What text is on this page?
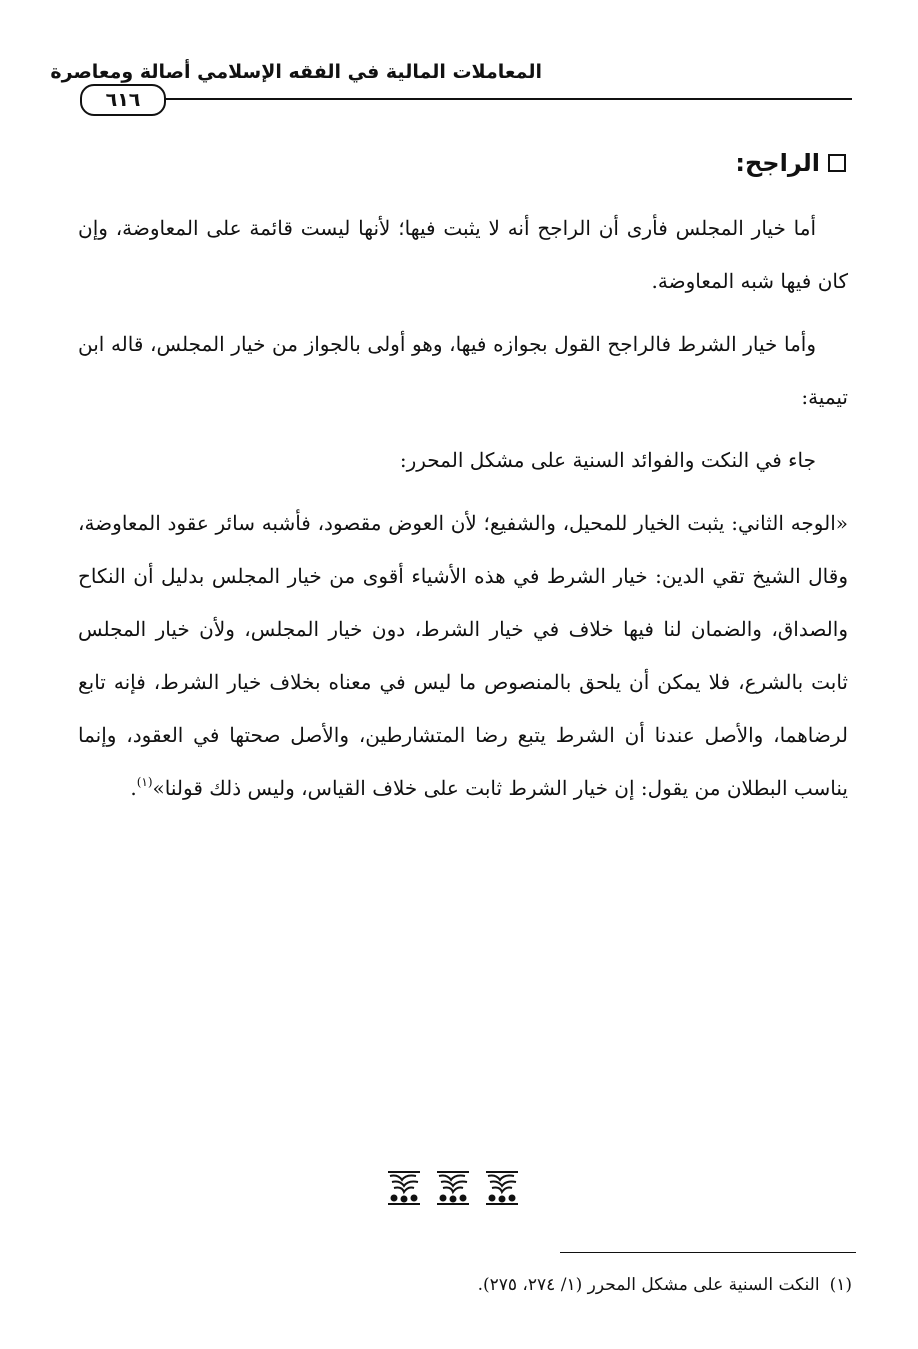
المعاملات المالية في الفقه الإسلامي أصالة ومعاصرة
٦١٦
الراجح:

أما خيار المجلس فأرى أن الراجح أنه لا يثبت فيها؛ لأنها ليست قائمة على المعاوضة، وإن كان فيها شبه المعاوضة.

وأما خيار الشرط فالراجح القول بجوازه فيها، وهو أولى بالجواز من خيار المجلس، قاله ابن تيمية:

جاء في النكت والفوائد السنية على مشكل المحرر:

«الوجه الثاني: يثبت الخيار للمحيل، والشفيع؛ لأن العوض مقصود، فأشبه سائر عقود المعاوضة، وقال الشيخ تقي الدين: خيار الشرط في هذه الأشياء أقوى من خيار المجلس بدليل أن النكاح والصداق، والضمان لنا فيها خلاف في خيار الشرط، دون خيار المجلس، ولأن خيار المجلس ثابت بالشرع، فلا يمكن أن يلحق بالمنصوص ما ليس في معناه بخلاف خيار الشرط، فإنه تابع لرضاهما، والأصل عندنا أن الشرط يتبع رضا المتشارطين، والأصل صحتها في العقود، وإنما يناسب البطلان من يقول: إن خيار الشرط ثابت على خلاف القياس، وليس ذلك قولنا»$^{(١)}$.

(١)النكت السنية على مشكل المحرر (١/ ٢٧٤، ٢٧٥).
